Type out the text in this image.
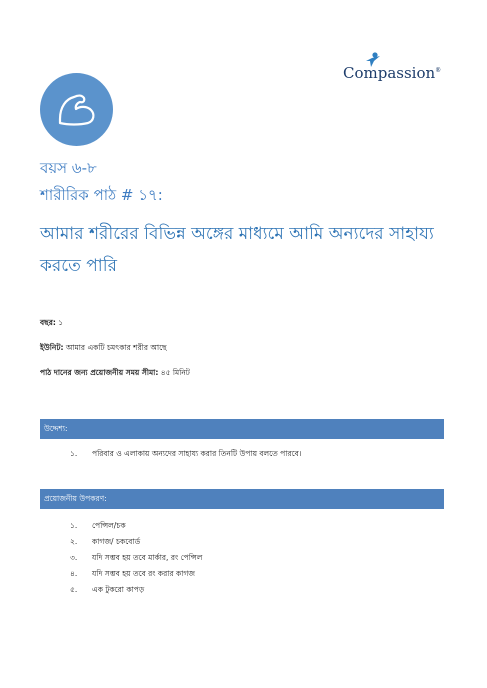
Compassion®
বয়স ৬-৮
শারীরিক পাঠ # ১৭:
আমার শরীরের বিভিন্ন অঙ্গের মাধ্যমে আমি অন্যদের সাহায্য করতে পারি
বছর: ১
ইউনিট: আমার একটি চমৎকার শরীর আছে
পাঠ দানের জন্য প্রয়োজনীয় সময় সীমা: ৪৫ মিনিট
উদ্দেশ্য:
১. পরিবার ও এলাকায় অন্যদের সাহায্য করার তিনটি উপায় বলতে পারবে।
প্রয়োজনীয় উপকরণ:
১. পেন্সিল/চক
২. কাগজ/ চকবোর্ড
৩. যদি সম্ভব হয় তবে মার্কার, রং পেন্সিল
৪. যদি সম্ভব হয় তবে রং করার কাগজ
৫. এক টুকরো কাপড়
